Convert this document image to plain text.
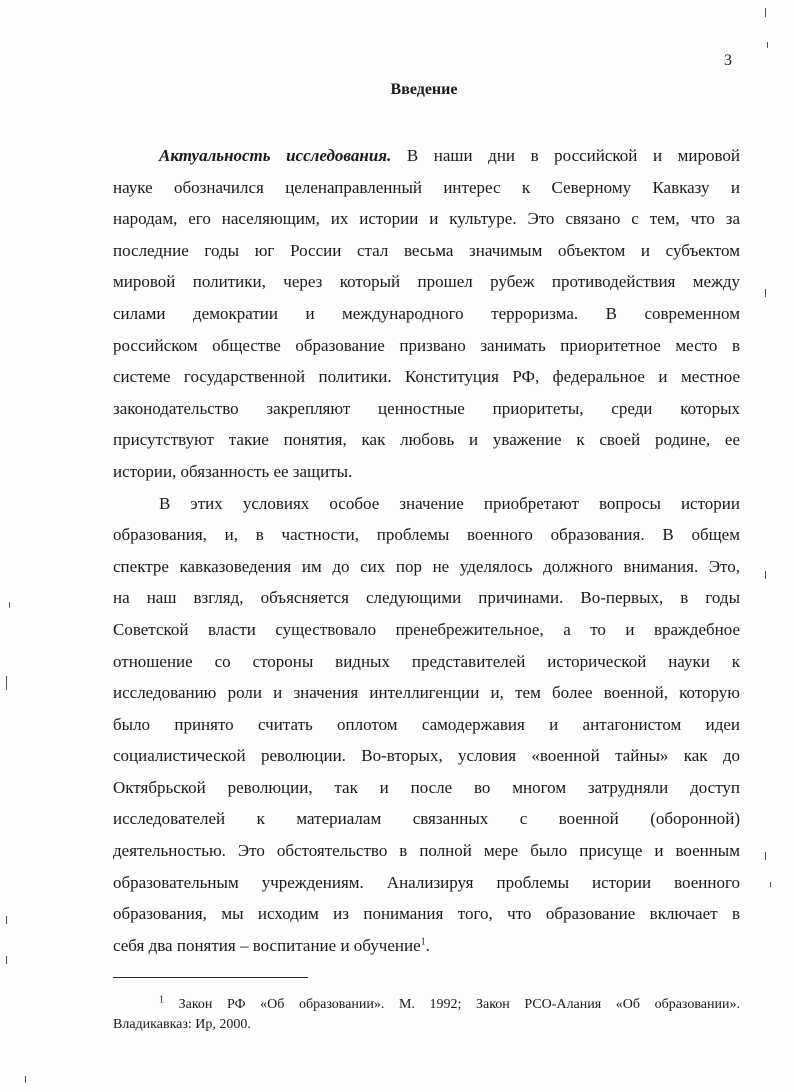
3
Введение
Актуальность исследования. В наши дни в российской и мировой
науке обозначился целенаправленный интерес к Северному Кавказу и
народам, его населяющим, их истории и культуре. Это связано с тем, что за
последние годы юг России стал весьма значимым объектом и субъектом
мировой политики, через который прошел рубеж противодействия между
силами демократии и международного терроризма. В современном
российском обществе образование призвано занимать приоритетное место в
системе государственной политики. Конституция РФ, федеральное и местное
законодательство закрепляют ценностные приоритеты, среди которых
присутствуют такие понятия, как любовь и уважение к своей родине, ее
истории, обязанность ее защиты.
В этих условиях особое значение приобретают вопросы истории
образования, и, в частности, проблемы военного образования. В общем
спектре кавказоведения им до сих пор не уделялось должного внимания. Это,
на наш взгляд, объясняется следующими причинами. Во-первых, в годы
Советской власти существовало пренебрежительное, а то и враждебное
отношение со стороны видных представителей исторической науки к
исследованию роли и значения интеллигенции и, тем более военной, которую
было принято считать оплотом самодержавия и антагонистом идеи
социалистической революции. Во-вторых, условия «военной тайны» как до
Октябрьской революции, так и после во многом затрудняли доступ
исследователей к материалам связанных с военной (оборонной)
деятельностью. Это обстоятельство в полной мере было присуще и военным
образовательным учреждениям. Анализируя проблемы истории военного
образования, мы исходим из понимания того, что образование включает в
себя два понятия – воспитание и обучение$^1$.
$^1$ Закон РФ «Об образовании». М. 1992; Закон РСО-Алания «Об образовании».
Владикавказ: Ир, 2000.
